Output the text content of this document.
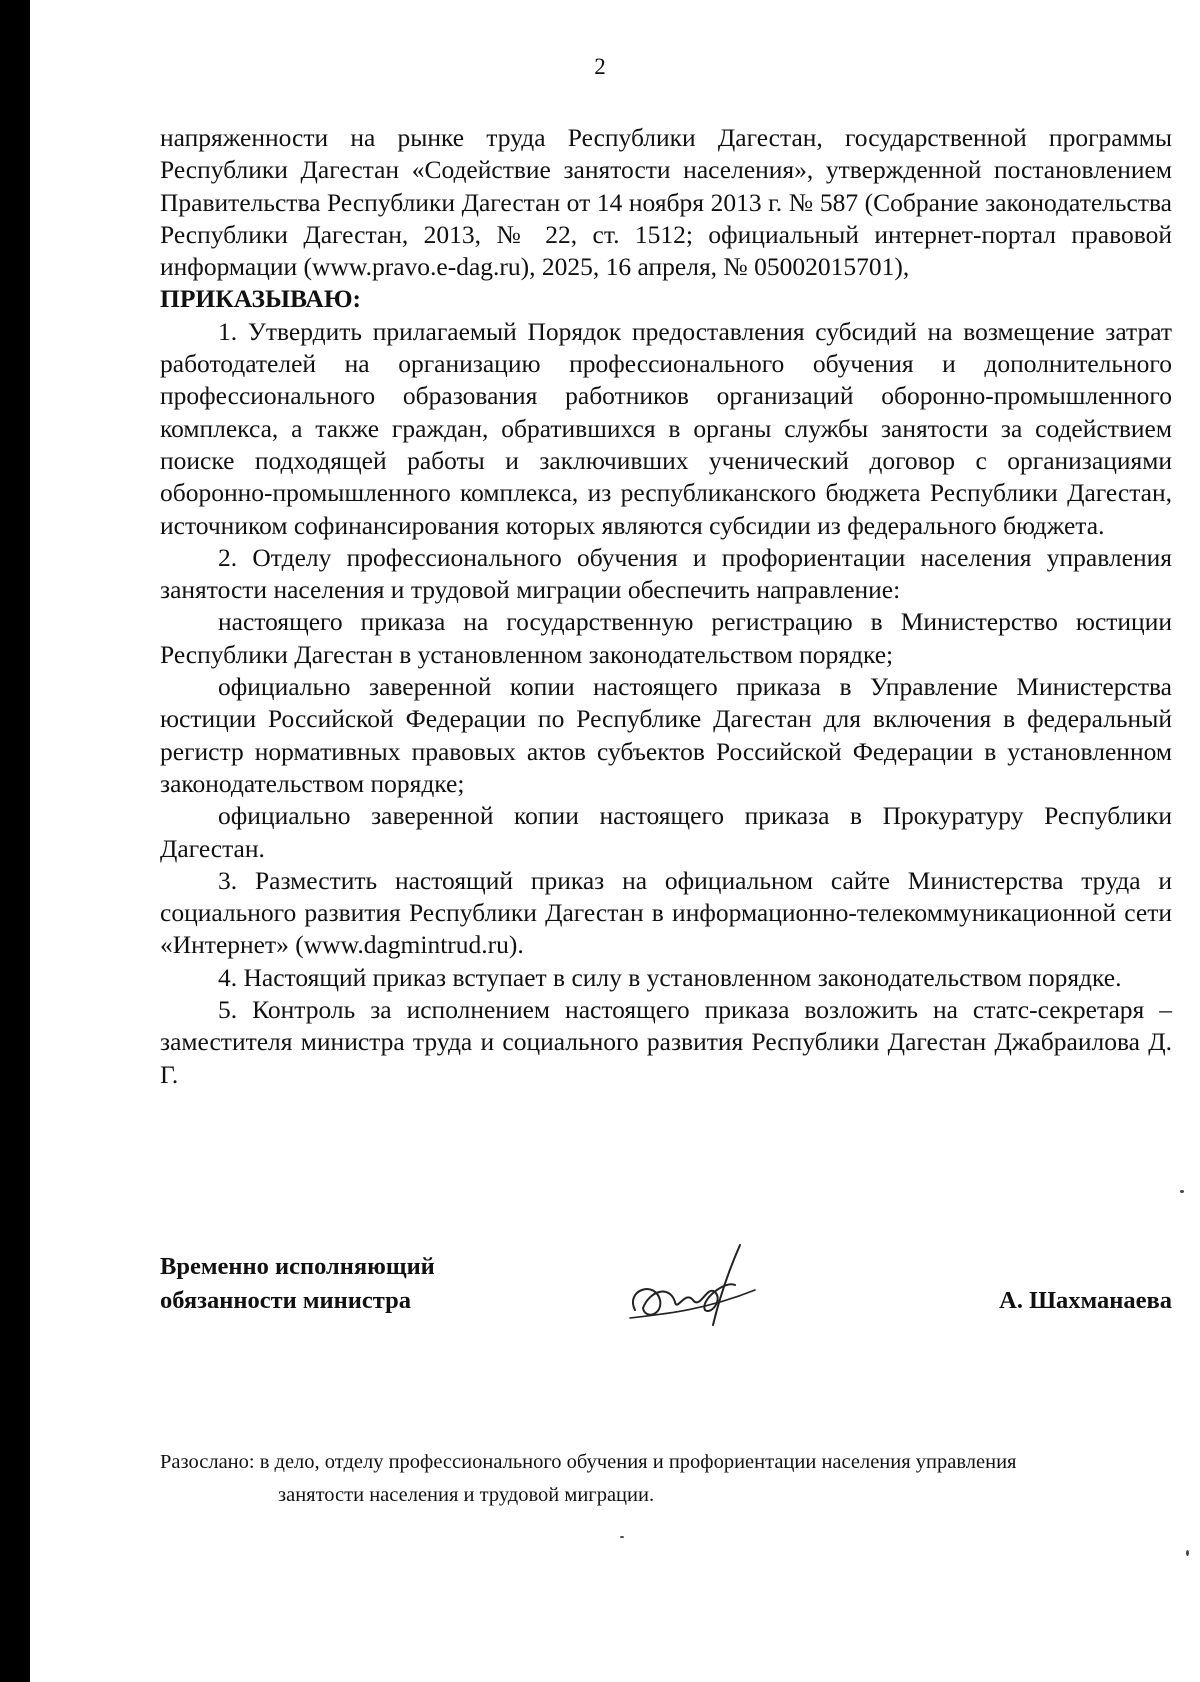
2

напряженности на рынке труда Республики Дагестан, государственной программы Республики Дагестан «Содействие занятости населения», утвержденной постановлением Правительства Республики Дагестан от 14 ноября 2013 г. № 587 (Собрание законодательства Республики Дагестан, 2013, № 22, ст. 1512; официальный интернет-портал правовой информации (www.pravo.e-dag.ru), 2025, 16 апреля, № 05002015701),

ПРИКАЗЫВАЮ:

1. Утвердить прилагаемый Порядок предоставления субсидий на возмещение затрат работодателей на организацию профессионального обучения и дополнительного профессионального образования работников организаций оборонно-промышленного комплекса, а также граждан, обратившихся в органы службы занятости за содействием поиске подходящей работы и заключивших ученический договор с организациями оборонно-промышленного комплекса, из республиканского бюджета Республики Дагестан, источником софинансирования которых являются субсидии из федерального бюджета.

2. Отделу профессионального обучения и профориентации населения управления занятости населения и трудовой миграции обеспечить направление:

настоящего приказа на государственную регистрацию в Министерство юстиции Республики Дагестан в установленном законодательством порядке;

официально заверенной копии настоящего приказа в Управление Министерства юстиции Российской Федерации по Республике Дагестан для включения в федеральный регистр нормативных правовых актов субъектов Российской Федерации в установленном законодательством порядке;

официально заверенной копии настоящего приказа в Прокуратуру Республики Дагестан.

3. Разместить настоящий приказ на официальном сайте Министерства труда и социального развития Республики Дагестан в информационно-телекоммуникационной сети «Интернет» (www.dagmintrud.ru).

4. Настоящий приказ вступает в силу в установленном законодательством порядке.

5. Контроль за исполнением настоящего приказа возложить на статс-секретаря – заместителя министра труда и социального развития Республики Дагестан Джабраилова Д. Г.

Временно исполняющий
обязанности министра	А. Шахманаева
Разослано: в дело, отделу профессионального обучения и профориентации населения управления
занятости населения и трудовой миграции.
